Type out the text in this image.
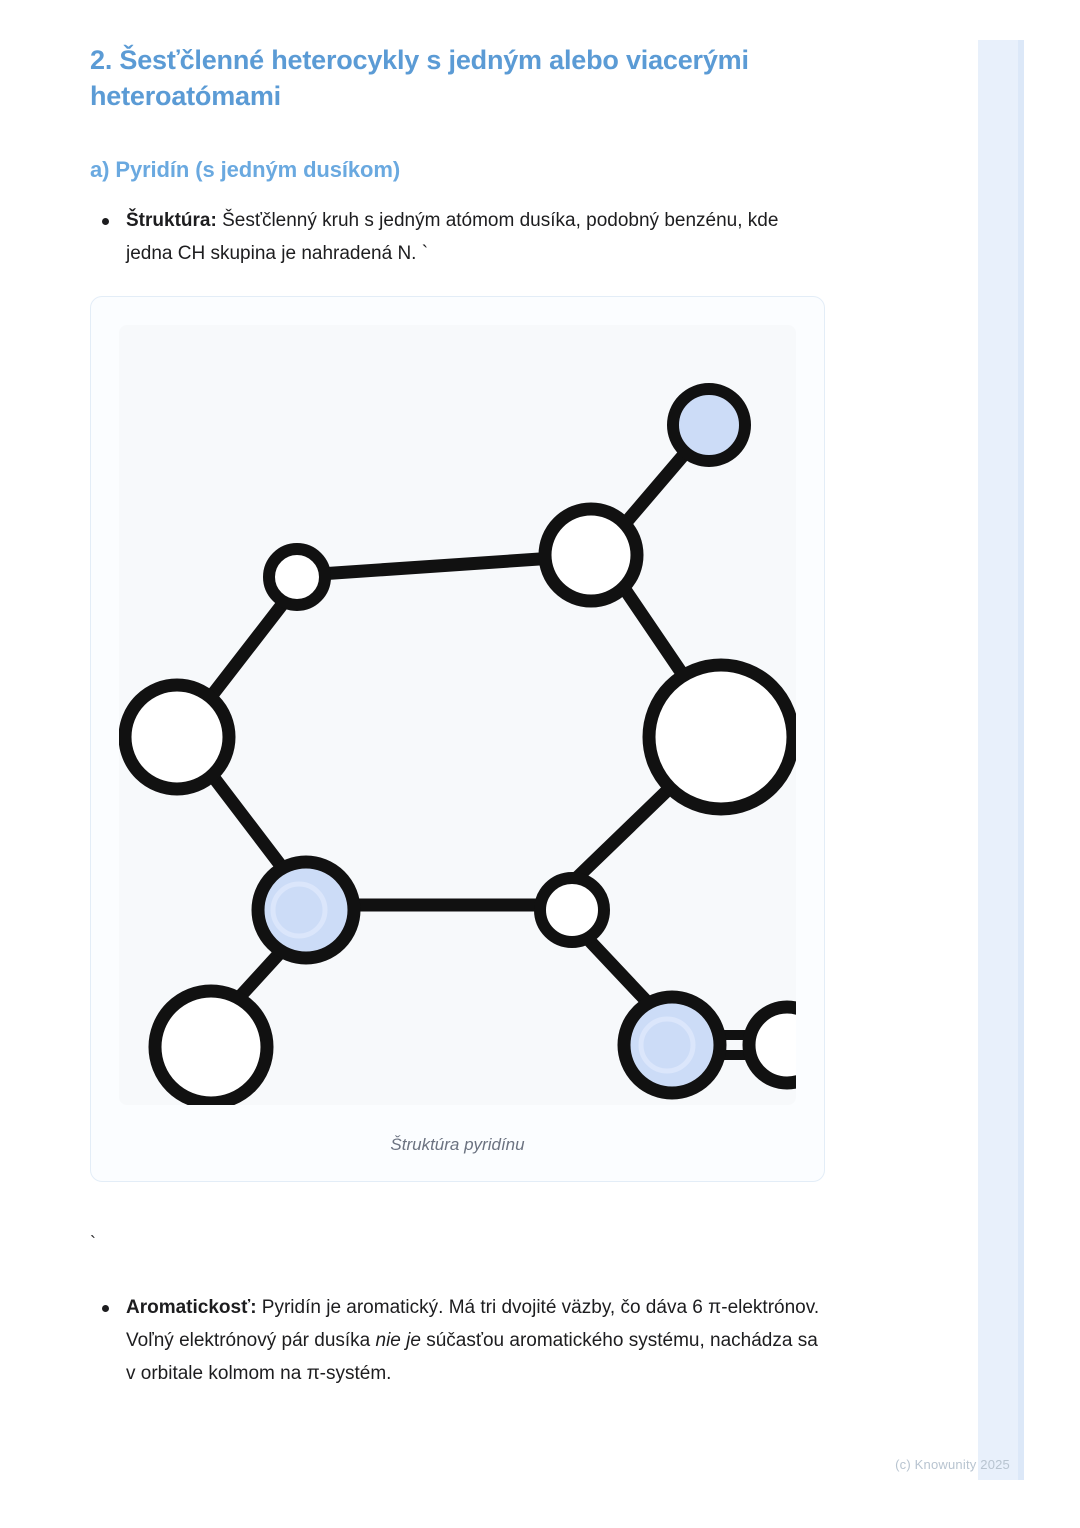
2. Šesťčlenné heterocykly s jedným alebo viacerými heteroatómami
a) Pyridín (s jedným dusíkom)
Štruktúra: Šesťčlenný kruh s jedným atómom dusíka, podobný benzénu, kde jedna CH skupina je nahradená N. `
Štruktúra pyridínu
`
Aromatickosť: Pyridín je aromatický. Má tri dvojité väzby, čo dáva 6 π-elektrónov. Voľný elektrónový pár dusíka nie je súčasťou aromatického systému, nachádza sa v orbitale kolmom na π-systém.
(c) Knowunity 2025
